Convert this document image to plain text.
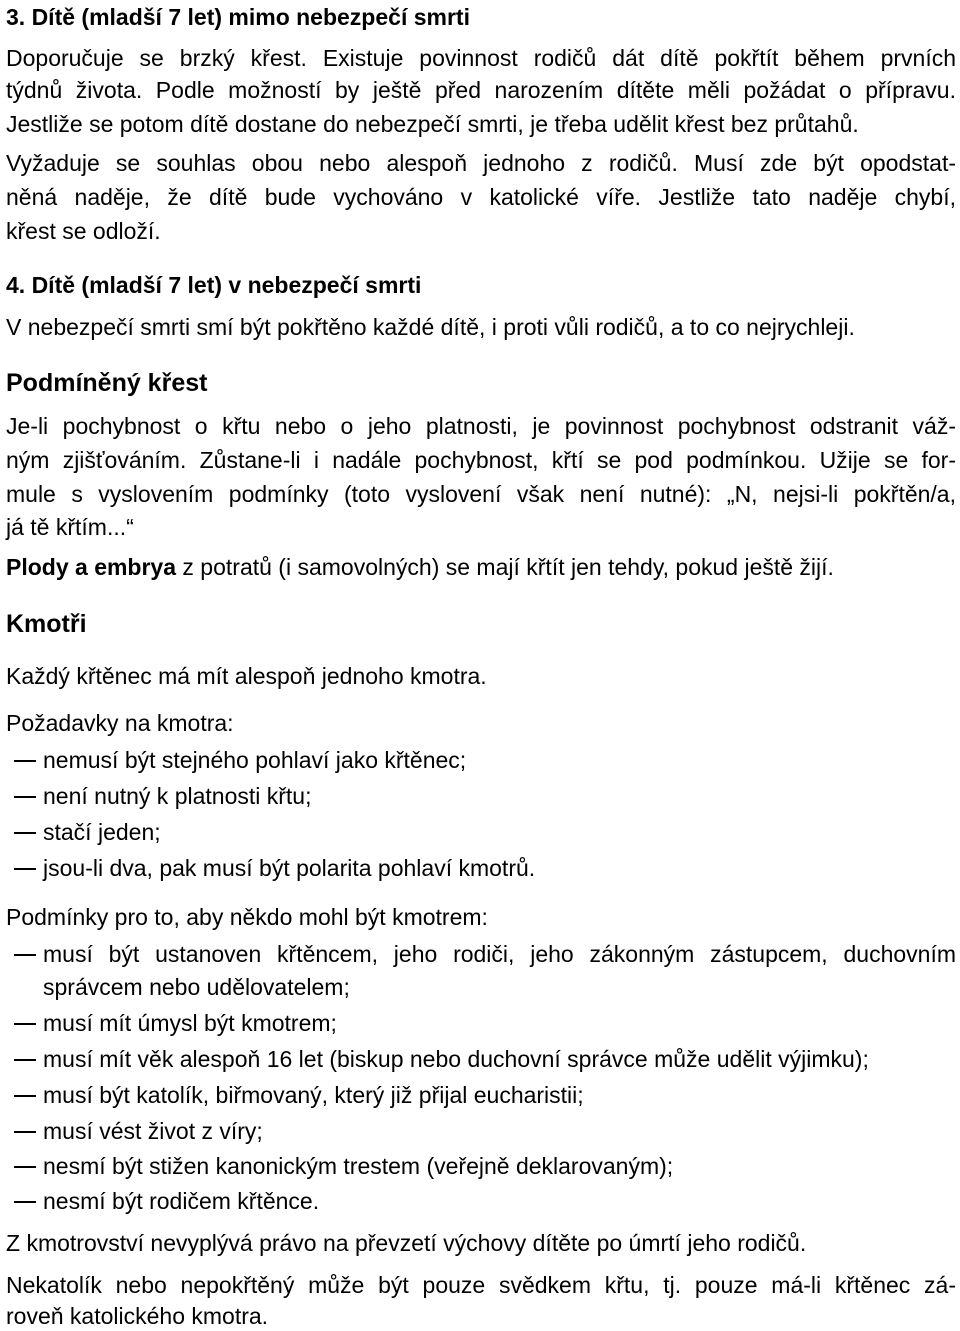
3. Dítě (mladší 7 let) mimo nebezpečí smrti
Doporučuje se brzký křest. Existuje povinnost rodičů dát dítě pokřtít během prvních
týdnů života. Podle možností by ještě před narozením dítěte měli požádat o přípravu.
Jestliže se potom dítě dostane do nebezpečí smrti, je třeba udělit křest bez průtahů.
Vyžaduje se souhlas obou nebo alespoň jednoho z rodičů. Musí zde být opodstat-
něná naděje, že dítě bude vychováno v katolické víře. Jestliže tato naděje chybí,
křest se odloží.
4. Dítě (mladší 7 let) v nebezpečí smrti
V nebezpečí smrti smí být pokřtěno každé dítě, i proti vůli rodičů, a to co nejrychleji.
Podmíněný křest
Je-li pochybnost o křtu nebo o jeho platnosti, je povinnost pochybnost odstranit váž-
ným zjišťováním. Zůstane-li i nadále pochybnost, křtí se pod podmínkou. Užije se for-
mule s vyslovením podmínky (toto vyslovení však není nutné): „N, nejsi-li pokřtěn/a,
já tě křtím...“
Plody a embrya z potratů (i samovolných) se mají křtít jen tehdy, pokud ještě žijí.
Kmotři
Každý křtěnec má mít alespoň jednoho kmotra.
Požadavky na kmotra:
nemusí být stejného pohlaví jako křtěnec;
není nutný k platnosti křtu;
stačí jeden;
jsou-li dva, pak musí být polarita pohlaví kmotrů.
Podmínky pro to, aby někdo mohl být kmotrem:
musí být ustanoven křtěncem, jeho rodiči, jeho zákonným zástupcem, duchovním
správcem nebo udělovatelem;
musí mít úmysl být kmotrem;
musí mít věk alespoň 16 let (biskup nebo duchovní správce může udělit výjimku);
musí být katolík, biřmovaný, který již přijal eucharistii;
musí vést život z víry;
nesmí být stižen kanonickým trestem (veřejně deklarovaným);
nesmí být rodičem křtěnce.
Z kmotrovství nevyplývá právo na převzetí výchovy dítěte po úmrtí jeho rodičů.
Nekatolík nebo nepokřtěný může být pouze svědkem křtu, tj. pouze má-li křtěnec zá-
roveň katolického kmotra.
